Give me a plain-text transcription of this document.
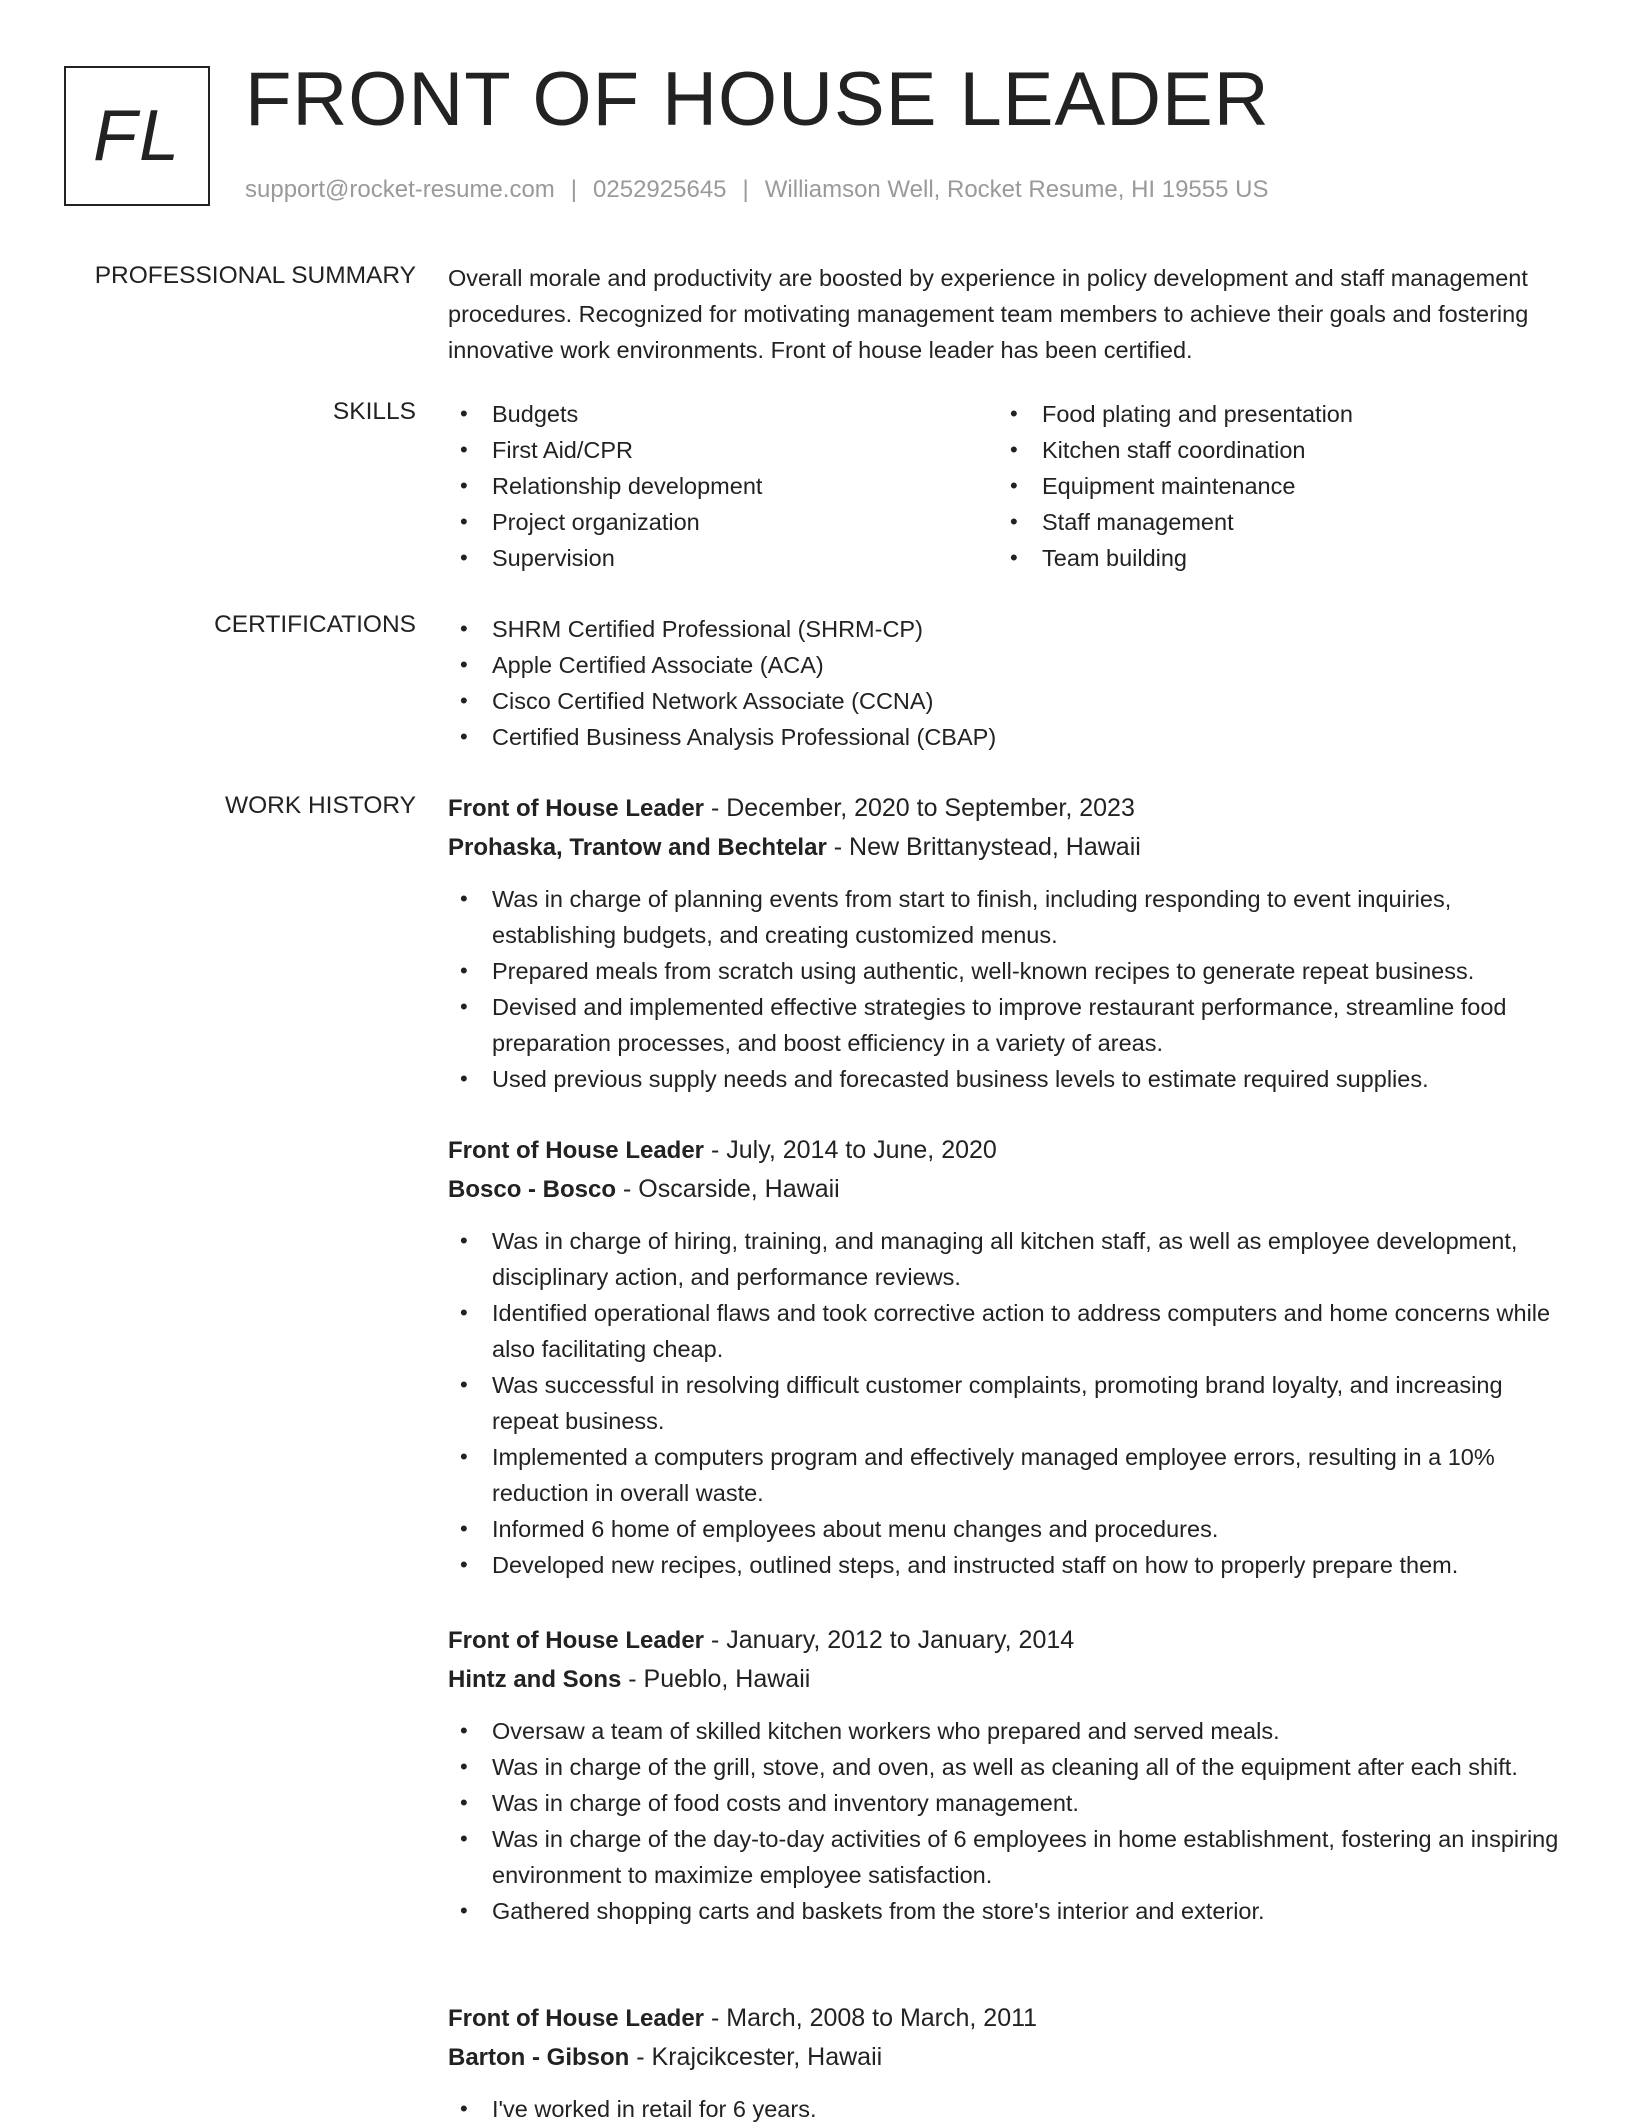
FL FRONT OF HOUSE LEADER
support@rocket-resume.com | 0252925645 | Williamson Well, Rocket Resume, HI 19555 US
PROFESSIONAL SUMMARY Overall morale and productivity are boosted by experience in policy development and staff management procedures. Recognized for motivating management team members to achieve their goals and fostering innovative work environments. Front of house leader has been certified.
SKILLS	• Budgets
• First Aid/CPR
• Relationship development
• Project organization
• Supervision
• Food plating and presentation
• Kitchen staff coordination
• Equipment maintenance
• Staff management
• Team building
CERTIFICATIONS	• SHRM Certified Professional (SHRM-CP)
• Apple Certified Associate (ACA)
• Cisco Certified Network Associate (CCNA)
• Certified Business Analysis Professional (CBAP)
WORK HISTORY Front of House Leader - December, 2020 to September, 2023
Prohaska, Trantow and Bechtelar - New Brittanystead, Hawaii
• Was in charge of planning events from start to finish, including responding to event inquiries, establishing budgets, and creating customized menus.
• Prepared meals from scratch using authentic, well-known recipes to generate repeat business.
• Devised and implemented effective strategies to improve restaurant performance, streamline food preparation processes, and boost efficiency in a variety of areas.
• Used previous supply needs and forecasted business levels to estimate required supplies.
Front of House Leader - July, 2014 to June, 2020
Bosco - Bosco - Oscarside, Hawaii
• Was in charge of hiring, training, and managing all kitchen staff, as well as employee development, disciplinary action, and performance reviews.
• Identified operational flaws and took corrective action to address computers and home concerns while also facilitating cheap.
• Was successful in resolving difficult customer complaints, promoting brand loyalty, and increasing repeat business.
• Implemented a computers program and effectively managed employee errors, resulting in a 10% reduction in overall waste.
• Informed 6 home of employees about menu changes and procedures.
• Developed new recipes, outlined steps, and instructed staff on how to properly prepare them.
Front of House Leader - January, 2012 to January, 2014
Hintz and Sons - Pueblo, Hawaii
• Oversaw a team of skilled kitchen workers who prepared and served meals.
• Was in charge of the grill, stove, and oven, as well as cleaning all of the equipment after each shift.
• Was in charge of food costs and inventory management.
• Was in charge of the day-to-day activities of 6 employees in home establishment, fostering an inspiring environment to maximize employee satisfaction.
• Gathered shopping carts and baskets from the store's interior and exterior.
Front of House Leader - March, 2008 to March, 2011
Barton - Gibson - Krajcikcester, Hawaii
• I've worked in retail for 6 years.
